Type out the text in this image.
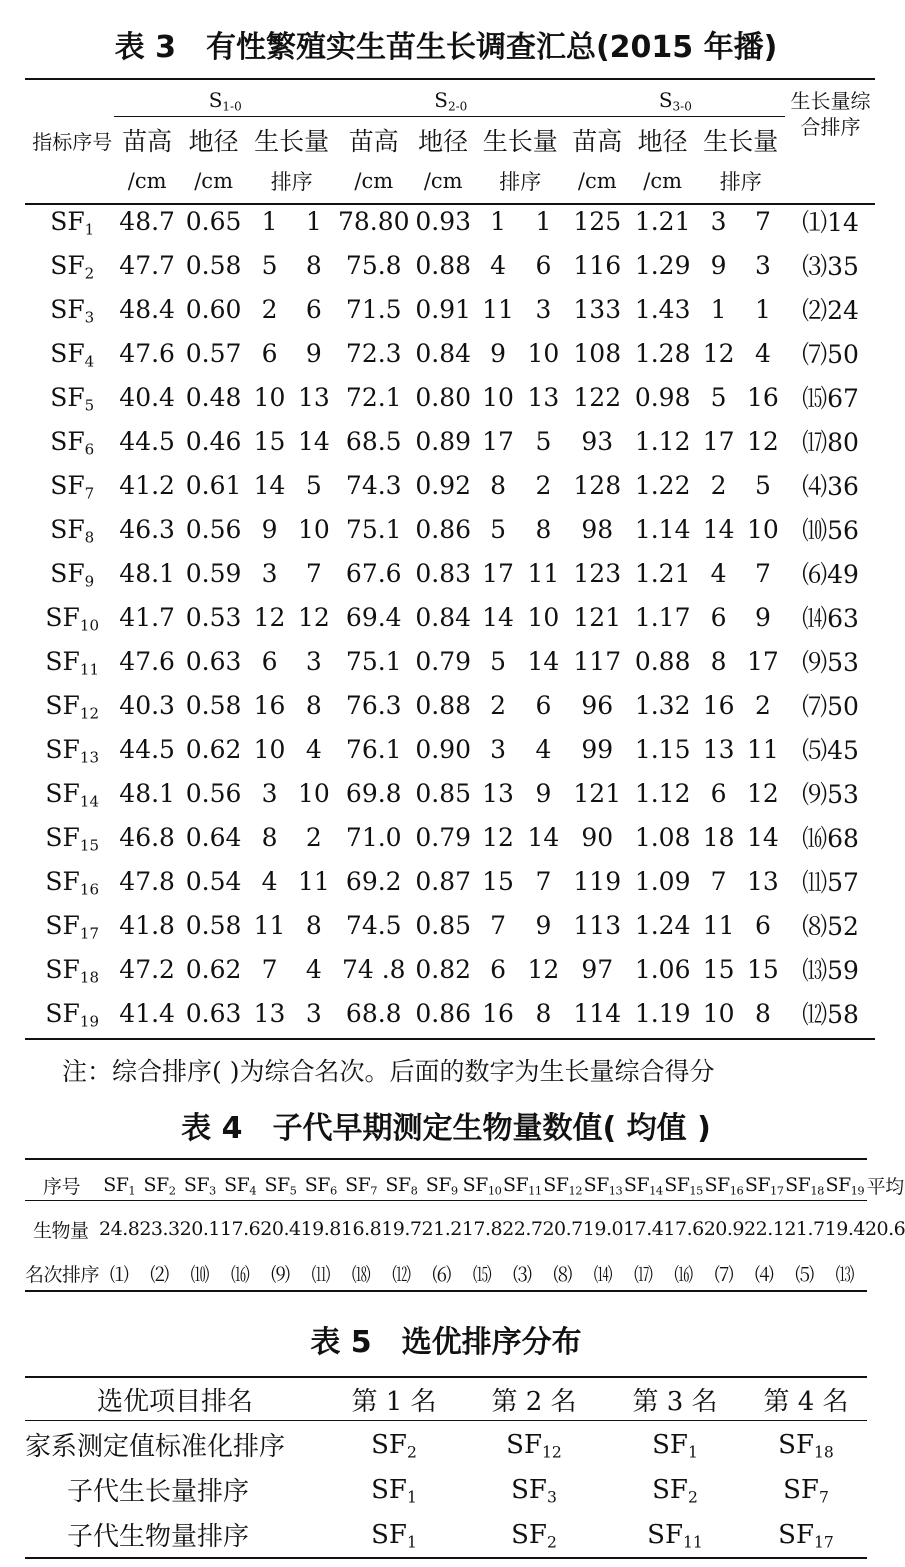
表 3　有性繁殖实生苗生长调查汇总(2015 年播)
指标序号	$S_{1-0}$				$S_{2-0}$				$S_{3-0}$				生长量综合排序
	苗高	地径	生长量		苗高	地径	生长量		苗高	地径	生长量		
	/cm	/cm	排序		/cm	/cm	排序		/cm	/cm	排序		
$SF_1$	48.7	0.65	1	1	78.80	0.93	1	1	125	1.21	3	7	⑴14
$SF_2$	47.7	0.58	5	8	75.8	0.88	4	6	116	1.29	9	3	⑶35
$SF_3$	48.4	0.60	2	6	71.5	0.91	11	3	133	1.43	1	1	⑵24
$SF_4$	47.6	0.57	6	9	72.3	0.84	9	10	108	1.28	12	4	⑺50
$SF_5$	40.4	0.48	10	13	72.1	0.80	10	13	122	0.98	5	16	⒂67
$SF_6$	44.5	0.46	15	14	68.5	0.89	17	5	93	1.12	17	12	⒄80
$SF_7$	41.2	0.61	14	5	74.3	0.92	8	2	128	1.22	2	5	⑷36
$SF_8$	46.3	0.56	9	10	75.1	0.86	5	8	98	1.14	14	10	⑽56
$SF_9$	48.1	0.59	3	7	67.6	0.83	17	11	123	1.21	4	7	⑹49
$SF_{10}$	41.7	0.53	12	12	69.4	0.84	14	10	121	1.17	6	9	⒁63
$SF_{11}$	47.6	0.63	6	3	75.1	0.79	5	14	117	0.88	8	17	⑼53
$SF_{12}$	40.3	0.58	16	8	76.3	0.88	2	6	96	1.32	16	2	⑺50
$SF_{13}$	44.5	0.62	10	4	76.1	0.90	3	4	99	1.15	13	11	⑸45
$SF_{14}$	48.1	0.56	3	10	69.8	0.85	13	9	121	1.12	6	12	⑼53
$SF_{15}$	46.8	0.64	8	2	71.0	0.79	12	14	90	1.08	18	14	⒃68
$SF_{16}$	47.8	0.54	4	11	69.2	0.87	15	7	119	1.09	7	13	⑾57
$SF_{17}$	41.8	0.58	11	8	74.5	0.85	7	9	113	1.24	11	6	⑻52
$SF_{18}$	47.2	0.62	7	4	74 .8	0.82	6	12	97	1.06	15	15	⒀59
$SF_{19}$	41.4	0.63	13	3	68.8	0.86	16	8	114	1.19	10	8	⑿58
注：综合排序( )为综合名次。后面的数字为生长量综合得分
表 4　子代早期测定生物量数值( 均值 )
序号	$SF_1$	$SF_2$	$SF_3$	$SF_4$	$SF_5$	$SF_6$	$SF_7$	$SF_8$	$SF_9$	$SF_{10}$	$SF_{11}$	$SF_{12}$	$SF_{13}$	$SF_{14}$	$SF_{15}$	$SF_{16}$	$SF_{17}$	$SF_{18}$	$SF_{19}$	平均
生物量	24.8	23.3	20.1	17.6	20.4	19.8	16.8	19.7	21.2	17.8	22.7	20.7	19.0	17.4	17.6	20.9	22.1	21.7	19.4	20.6
名次排序	⑴	⑵	⑽	⒃	⑼	⑾	⒅	⑿	⑹	⒂	⑶	⑻	⒁	⒄	⒃	⑺	⑷	⑸	⒀	
表 5　选优排序分布
选优项目排名	第 1 名	第 2 名	第 3 名	第 4 名
家系测定值标准化排序	$SF_2$	$SF_{12}$	$SF_1$	$SF_{18}$
子代生长量排序	$SF_1$	$SF_3$	$SF_2$	$SF_7$
子代生物量排序	$SF_1$	$SF_2$	$SF_{11}$	$SF_{17}$
